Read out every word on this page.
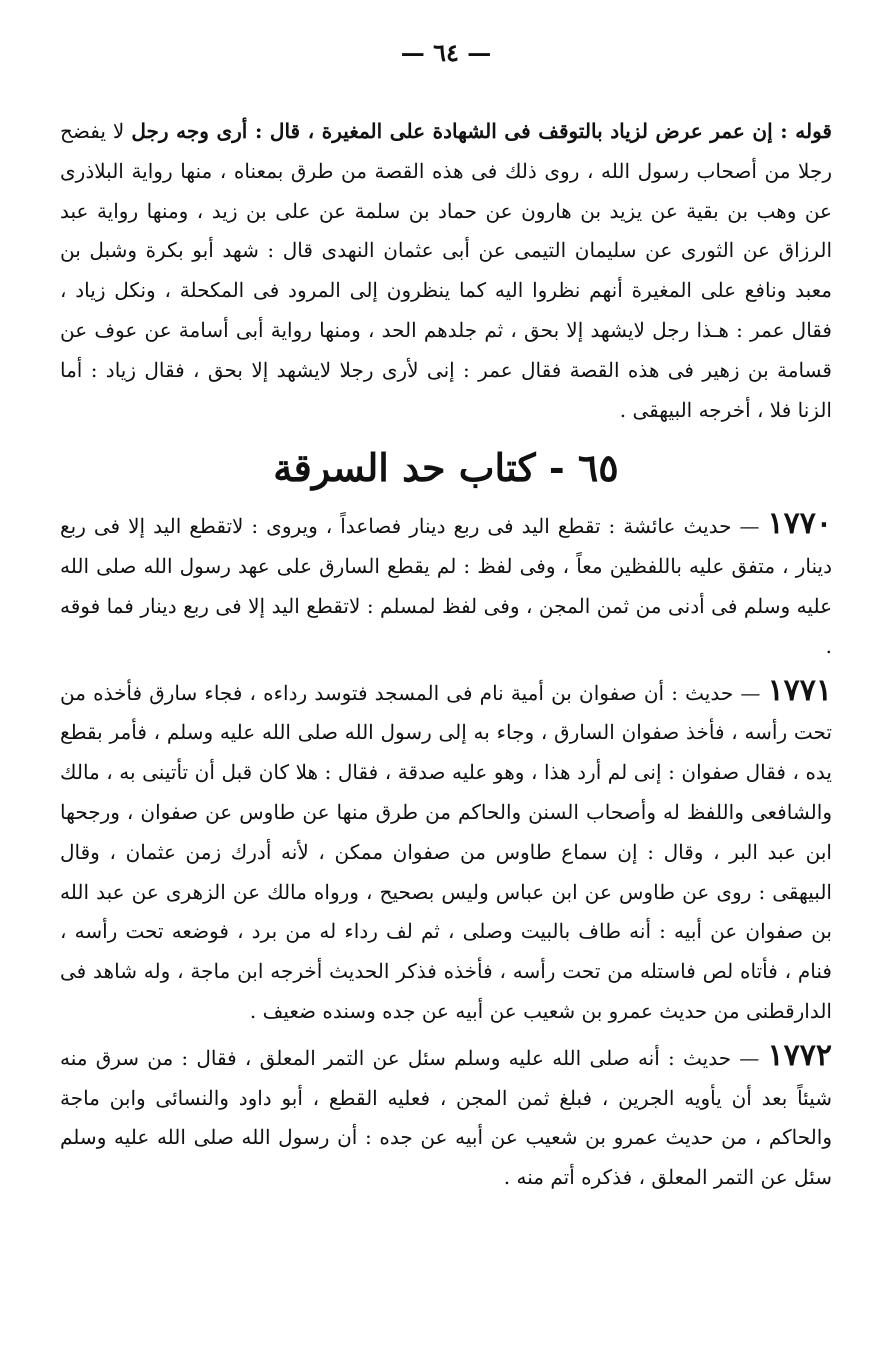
— ٦٤ —

قوله : إن عمر عرض لزياد بالتوقف فى الشهادة على المغيرة ، قال : أرى وجه رجل لا يفضح رجلا من أصحاب رسول الله ، روى ذلك فى هذه القصة من طرق بمعناه ، منها رواية البلاذرى عن وهب بن بقية عن يزيد بن هارون عن حماد بن سلمة عن على بن زيد ، ومنها رواية عبد الرزاق عن الثورى عن سليمان التيمى عن أبى عثمان النهدى قال : شهد أبو بكرة وشبل بن معبد ونافع على المغيرة أنهم نظروا اليه كما ينظرون إلى المرود فى المكحلة ، ونكل زياد ، فقال عمر : هـذا رجل لايشهد إلا بحق ، ثم جلدهم الحد ، ومنها رواية أبى أسامة عن عوف عن قسامة بن زهير فى هذه القصة فقال عمر : إنى لأرى رجلا لايشهد إلا بحق ، فقال زياد : أما الزنا فلا ، أخرجه البيهقى .

٦٥ - كتاب حد السرقة

١٧٧٠ — حديث عائشة : تقطع اليد فى ربع دينار فصاعداً ، ويروى : لاتقطع اليد إلا فى ربع دينار ، متفق عليه باللفظين معاً ، وفى لفظ : لم يقطع السارق على عهد رسول الله صلى الله عليه وسلم فى أدنى من ثمن المجن ، وفى لفظ لمسلم : لاتقطع اليد إلا فى ربع دينار فما فوقه .

١٧٧١ — حديث : أن صفوان بن أمية نام فى المسجد فتوسد رداءه ، فجاء سارق فأخذه من تحت رأسه ، فأخذ صفوان السارق ، وجاء به إلى رسول الله صلى الله عليه وسلم ، فأمر بقطع يده ، فقال صفوان : إنى لم أرد هذا ، وهو عليه صدقة ، فقال : هلا كان قبل أن تأتينى به ، مالك والشافعى واللفظ له وأصحاب السنن والحاكم من طرق منها عن طاوس عن صفوان ، ورجحها ابن عبد البر ، وقال : إن سماع طاوس من صفوان ممكن ، لأنه أدرك زمن عثمان ، وقال البيهقى : روى عن طاوس عن ابن عباس وليس بصحيح ، ورواه مالك عن الزهرى عن عبد الله بن صفوان عن أبيه : أنه طاف بالبيت وصلى ، ثم لف رداء له من برد ، فوضعه تحت رأسه ، فنام ، فأتاه لص فاستله من تحت رأسه ، فأخذه فذكر الحديث أخرجه ابن ماجة ، وله شاهد فى الدارقطنى من حديث عمرو بن شعيب عن أبيه عن جده وسنده ضعيف .

١٧٧٢ — حديث : أنه صلى الله عليه وسلم سئل عن التمر المعلق ، فقال : من سرق منه شيئاً بعد أن يأويه الجرين ، فبلغ ثمن المجن ، فعليه القطع ، أبو داود والنسائى وابن ماجة والحاكم ، من حديث عمرو بن شعيب عن أبيه عن جده : أن رسول الله صلى الله عليه وسلم سئل عن التمر المعلق ، فذكره أتم منه .
